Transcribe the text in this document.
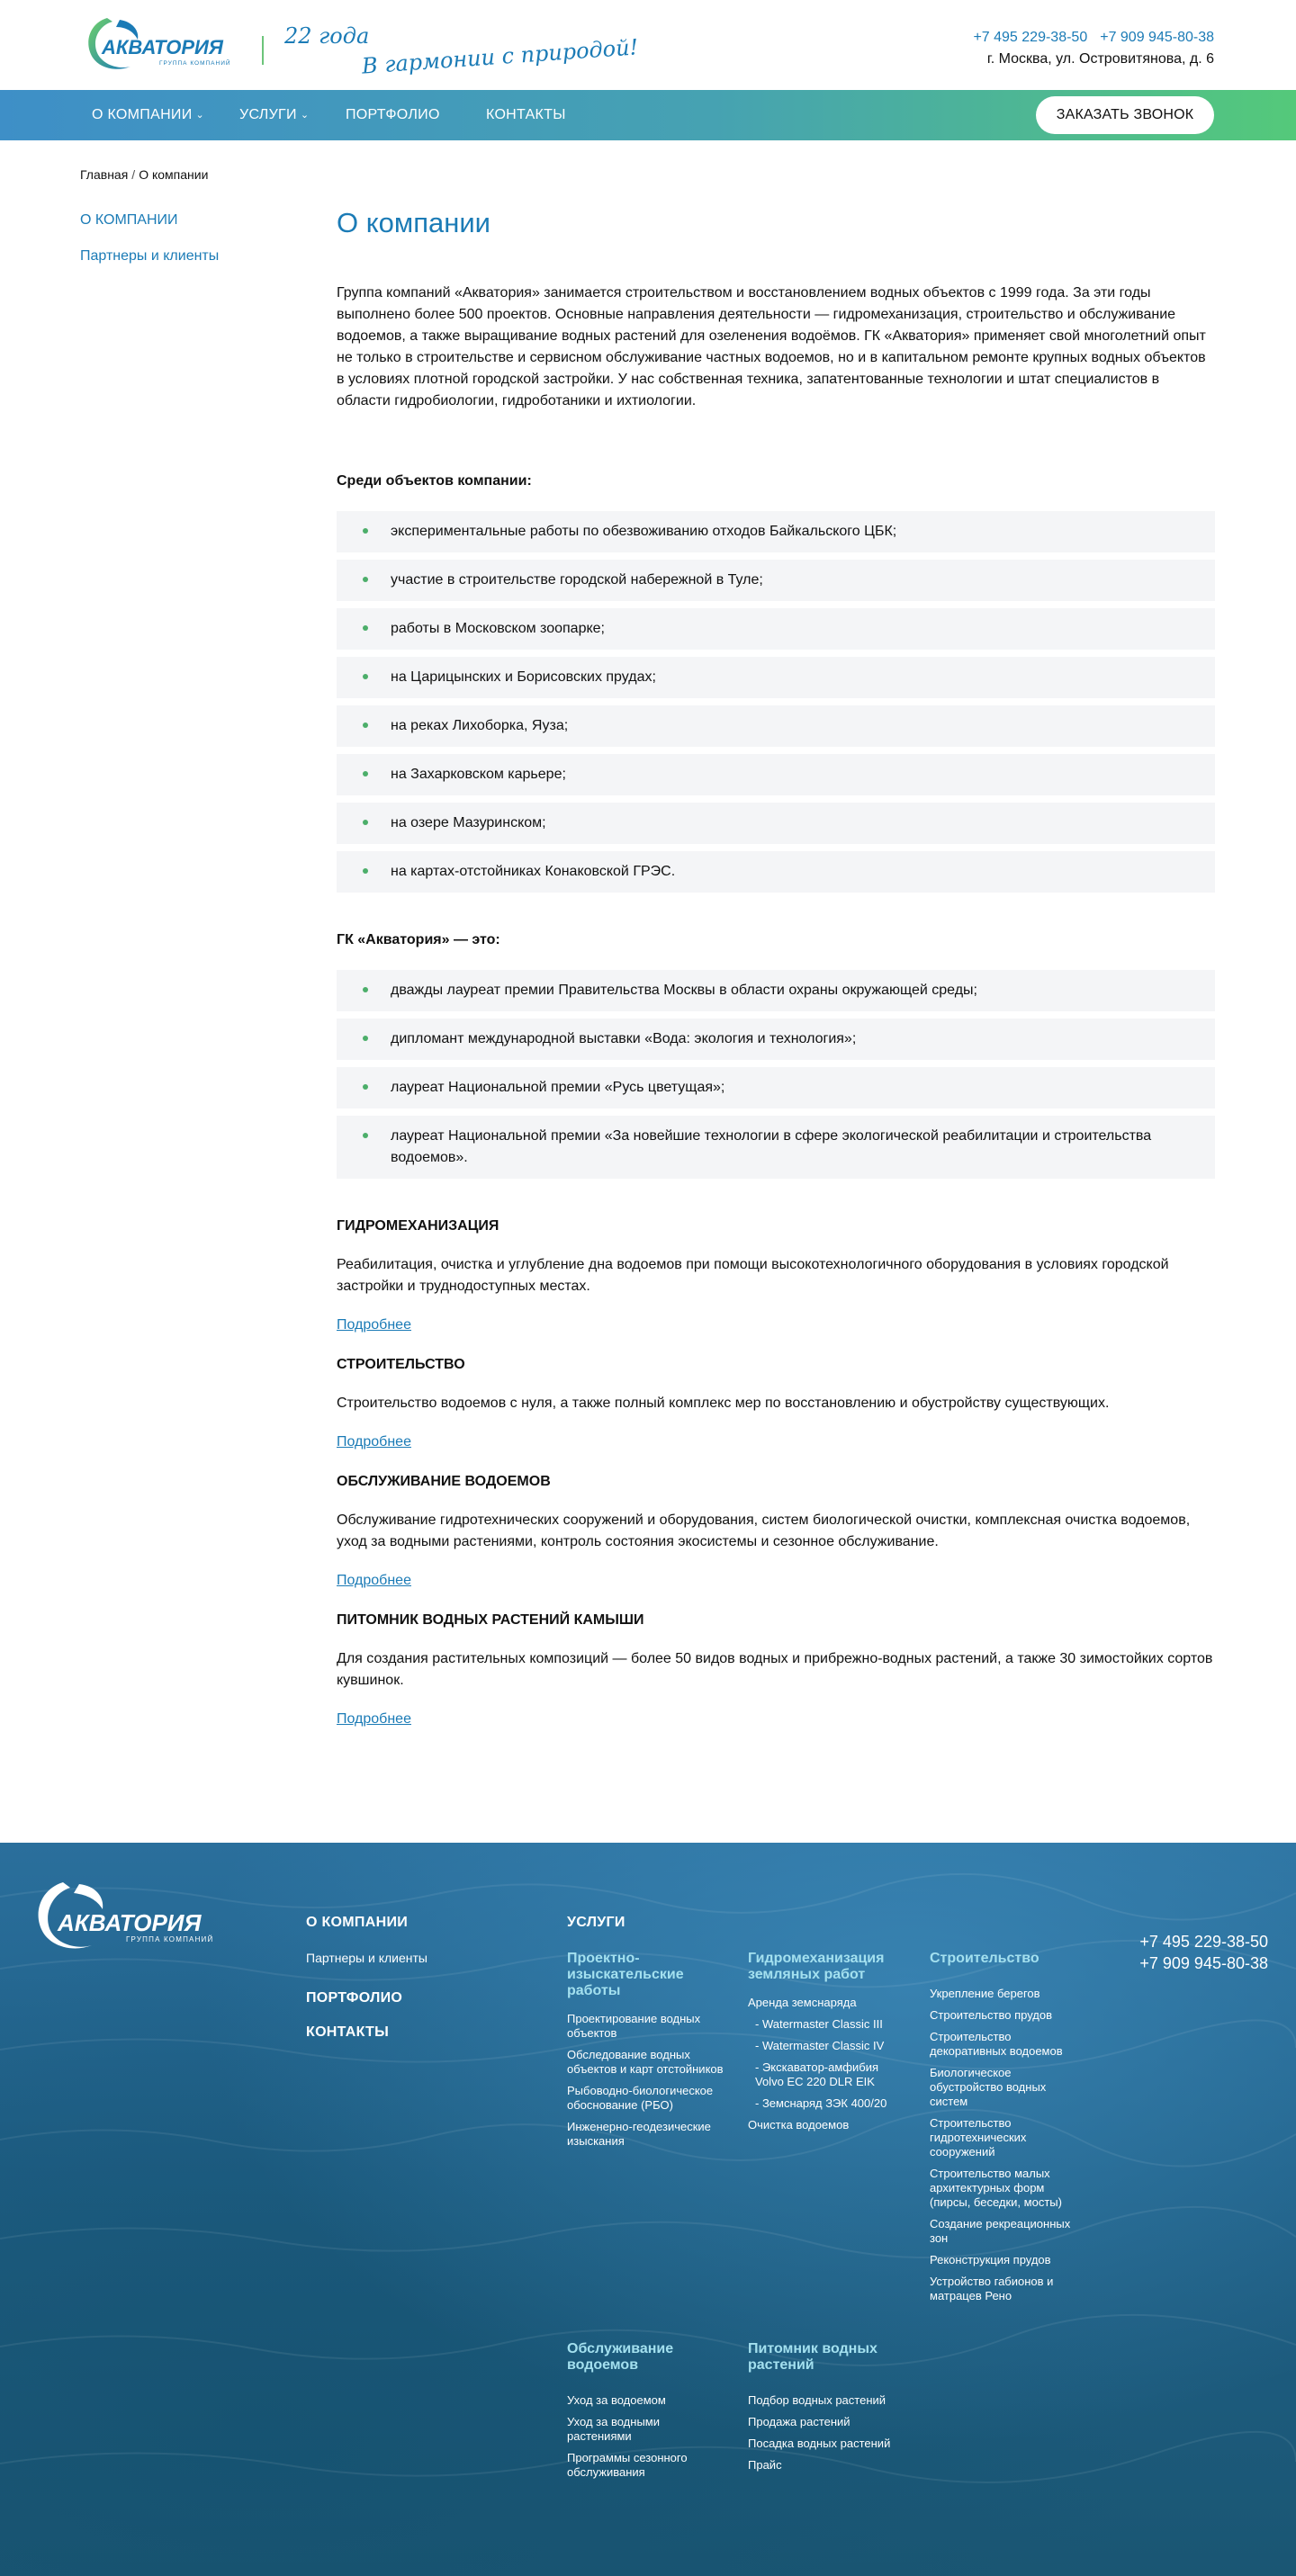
АКВАТОРИЯ
ГРУППА КОМПАНИЙ
22 года
В гармонии с природой!	+7 495 229-38-50 +7 909 945-80-38
г. Москва, ул. Островитянова, д. 6
О КОМПАНИИ ⌄ УСЛУГИ ⌄	ПОРТФОЛИО	КОНТАКТЫ	ЗАКАЗАТЬ ЗВОНОК
Главная / О компании
О КОМПАНИИ
Партнеры и клиенты
О компании

Группа компаний «Акватория» занимается строительством и восстановлением водных объектов с 1999 года. За эти годы выполнено более 500 проектов. Основные направления деятельности — гидромеханизация, строительство и обслуживание водоемов, а также выращивание водных растений для озеленения водоёмов. ГК «Акватория» применяет свой многолетний опыт не только в строительстве и сервисном обслуживание частных водоемов, но и в капитальном ремонте крупных водных объектов в условиях плотной городской застройки. У нас собственная техника, запатентованные технологии и штат специалистов в области гидробиологии, гидроботаники и ихтиологии.

Среди объектов компании:
экспериментальные работы по обезвоживанию отходов Байкальского ЦБК;
участие в строительстве городской набережной в Туле;
работы в Московском зоопарке;
на Царицынских и Борисовских прудах;
на реках Лихоборка, Яуза;
на Захарковском карьере;
на озере Мазуринском;
на картах-отстойниках Конаковской ГРЭС.
ГК «Акватория» — это:
дважды лауреат премии Правительства Москвы в области охраны окружающей среды;
дипломант международной выставки «Вода: экология и технология»;
лауреат Национальной премии «Русь цветущая»;
лауреат Национальной премии «За новейшие технологии в сфере экологической реабилитации и строительства водоемов».
ГИДРОМЕХАНИЗАЦИЯ

Реабилитация, очистка и углубление дна водоемов при помощи высокотехнологичного оборудования в условиях городской застройки и труднодоступных местах.

Подробнее
СТРОИТЕЛЬСТВО

Строительство водоемов с нуля, а также полный комплекс мер по восстановлению и обустройству существующих.

Подробнее
ОБСЛУЖИВАНИЕ ВОДОЕМОВ

Обслуживание гидротехнических сооружений и оборудования, систем биологической очистки, комплексная очистка водоемов, уход за водными растениями, контроль состояния экосистемы и сезонное обслуживание.

Подробнее
ПИТОМНИК ВОДНЫХ РАСТЕНИЙ КАМЫШИ

Для создания растительных композиций — более 50 видов водных и прибрежно-водных растений, а также 30 зимостойких сортов кувшинок.

Подробнее
АКВАТОРИЯ
ГРУППА КОМПАНИЙ
О КОМПАНИИ
Партнеры и клиенты
ПОРТФОЛИО
КОНТАКТЫ
УСЛУГИ
Проектно-изыскательские работы
Проектирование водных объектов
Обследование водных объектов и карт отстойников
Рыбоводно-биологическое обоснование (РБО)
Инженерно-геодезические изыскания
Гидромеханизация земляных работ
Аренда земснаряда
- Watermaster Classic III
- Watermaster Classic IV
- Экскаватор-амфибия Volvo EC 220 DLR EIK
- Земснаряд ЗЭК 400/20
Очистка водоемов
Строительство
Укрепление берегов
Строительство прудов
Строительство декоративных водоемов
Биологическое обустройство водных систем
Строительство гидротехнических сооружений
Строительство малых архитектурных форм (пирсы, беседки, мосты)
Создание рекреационных зон
Реконструкция прудов
Устройство габионов и матрацев Рено
Обслуживание водоемов
Уход за водоемом
Уход за водными растениями
Программы сезонного обслуживания
Питомник водных растений
Подбор водных растений
Продажа растений
Посадка водных растений
Прайс
+7 495 229-38-50
+7 909 945-80-38
